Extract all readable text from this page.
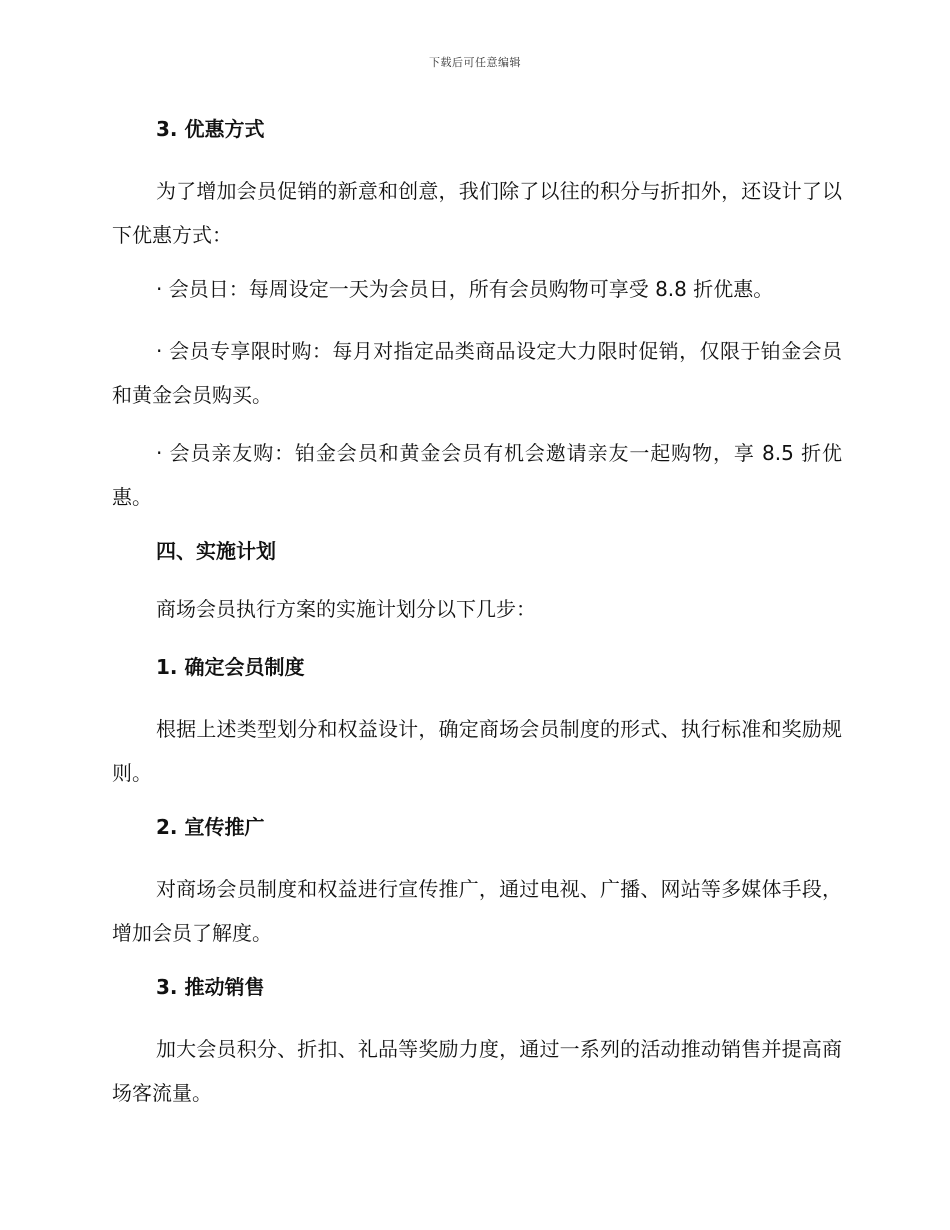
下载后可任意编辑
3. 优惠方式

为了增加会员促销的新意和创意，我们除了以往的积分与折扣外，还设计了以下优惠方式：

· 会员日：每周设定一天为会员日，所有会员购物可享受 8.8 折优惠。

· 会员专享限时购：每月对指定品类商品设定大力限时促销，仅限于铂金会员和黄金会员购买。

· 会员亲友购：铂金会员和黄金会员有机会邀请亲友一起购物，享 8.5 折优惠。

四、实施计划

商场会员执行方案的实施计划分以下几步：

1. 确定会员制度

根据上述类型划分和权益设计，确定商场会员制度的形式、执行标准和奖励规则。

2. 宣传推广

对商场会员制度和权益进行宣传推广，通过电视、广播、网站等多媒体手段，增加会员了解度。

3. 推动销售

加大会员积分、折扣、礼品等奖励力度，通过一系列的活动推动销售并提高商场客流量。
